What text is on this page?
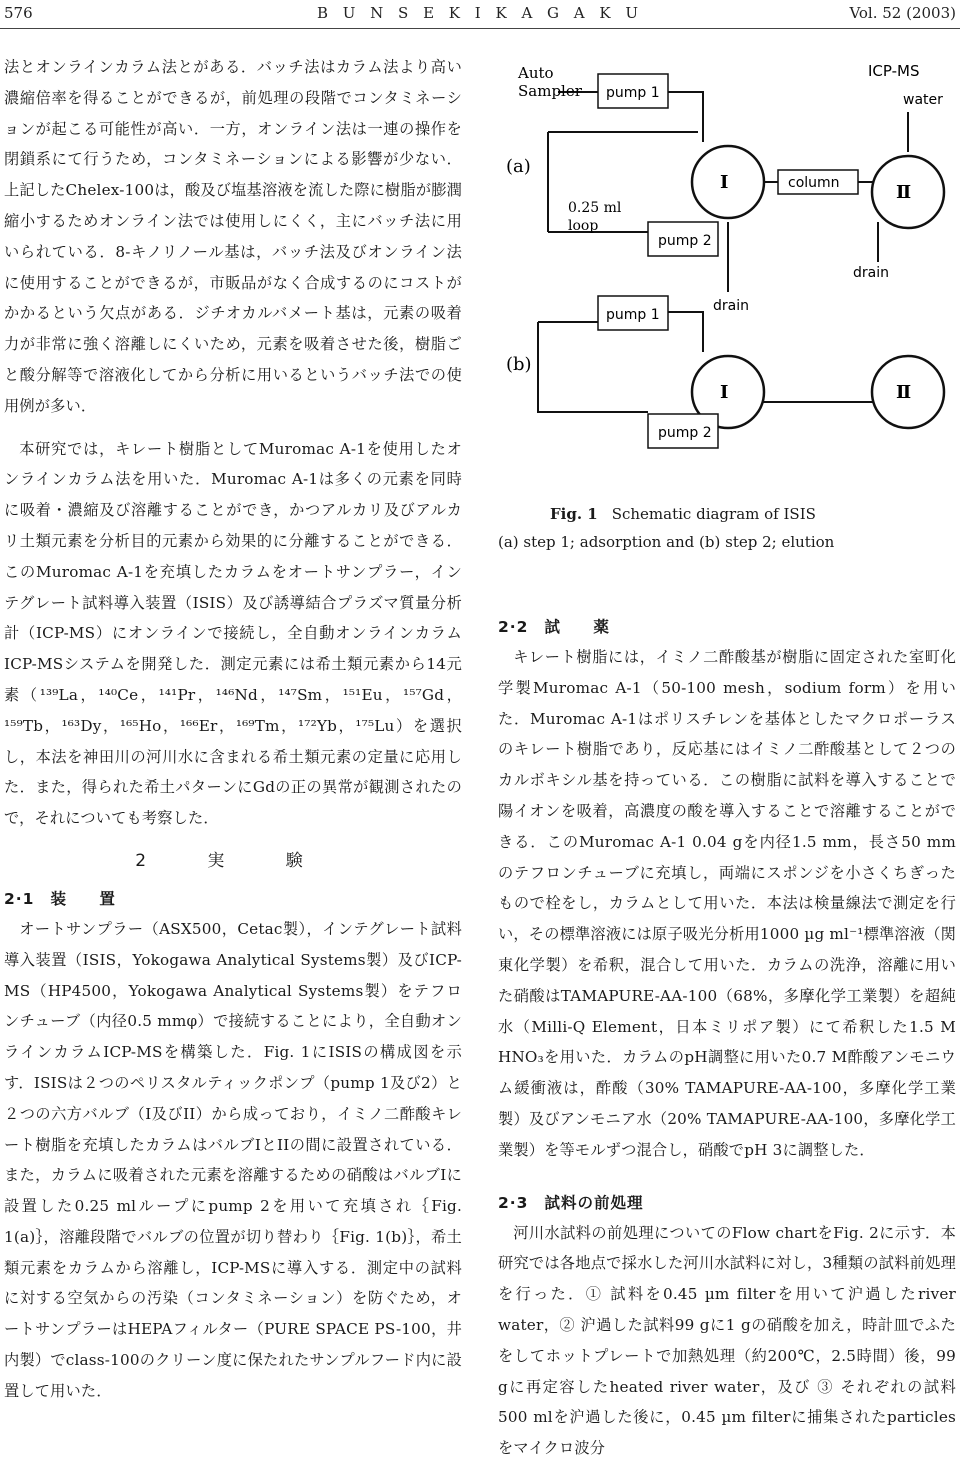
576	B U N S E K I K A G A K U	Vol. 52 (2003)

法とオンラインカラム法とがある．バッチ法はカラム法より高い濃縮倍率を得ることができるが，前処理の段階でコンタミネーションが起こる可能性が高い．一方，オンライン法は一連の操作を閉鎖系にて行うため，コンタミネーションによる影響が少ない．上記したChelex-100は，酸及び塩基溶液を流した際に樹脂が膨潤縮小するためオンライン法では使用しにくく，主にバッチ法に用いられている．8-キノリノール基は，バッチ法及びオンライン法に使用することができるが，市販品がなく合成するのにコストがかかるという欠点がある．ジチオカルバメート基は，元素の吸着力が非常に強く溶離しにくいため，元素を吸着させた後，樹脂ごと酸分解等で溶液化してから分析に用いるというバッチ法での使用例が多い．

本研究では，キレート樹脂としてMuromac A-1を使用したオンラインカラム法を用いた．Muromac A-1は多くの元素を同時に吸着・濃縮及び溶離することができ，かつアルカリ及びアルカリ土類元素を分析目的元素から効果的に分離することができる．このMuromac A-1を充填したカラムをオートサンプラー，インテグレート試料導入装置（ISIS）及び誘導結合プラズマ質量分析計（ICP-MS）にオンラインで接続し，全自動オンラインカラムICP-MSシステムを開発した．測定元素には希土類元素から14元素（¹³⁹La，¹⁴⁰Ce，¹⁴¹Pr，¹⁴⁶Nd，¹⁴⁷Sm，¹⁵¹Eu，¹⁵⁷Gd，¹⁵⁹Tb，¹⁶³Dy，¹⁶⁵Ho，¹⁶⁶Er，¹⁶⁹Tm，¹⁷²Yb，¹⁷⁵Lu）を選択し，本法を神田川の河川水に含まれる希土類元素の定量に応用した．また，得られた希土パターンにGdの正の異常が観測されたので，それについても考察した．

2 実 験
2·1 装 置

オートサンプラー（ASX500，Cetac製），インテグレート試料導入装置（ISIS，Yokogawa Analytical Systems製）及びICP-MS（HP4500，Yokogawa Analytical Systems製）をテフロンチューブ（内径0.5 mmφ）で接続することにより，全自動オンラインカラムICP-MSを構築した．Fig. 1にISISの構成図を示す．ISISは２つのペリスタルティックポンプ（pump 1及び2）と２つの六方バルブ（I及びII）から成っており，イミノ二酢酸キレート樹脂を充填したカラムはバルブIとIIの間に設置されている．また，カラムに吸着された元素を溶離するための硝酸はバルブIに設置した0.25 mlループにpump 2を用いて充填され｛Fig. 1(a)｝，溶離段階でバルブの位置が切り替わり｛Fig. 1(b)｝，希土類元素をカラムから溶離し，ICP-MSに導入する．測定中の試料に対する空気からの汚染（コンタミネーション）を防ぐため，オートサンプラーはHEPAフィルター（PURE SPACE PS-100，井内製）でclass-100のクリーン度に保たれたサンプルフード内に設置して用いた．

Auto
Sampler pump 1
pump 2
pump 1
pump 2
column
ICP-MS
water
0.25 ml
loop
drain
drain
I	Ⅱ
I	Ⅱ
(a)
(b)
Fig. 1 Schematic diagram of ISIS
(a) step 1; adsorption and (b) step 2; elution
2·2 試 薬

キレート樹脂には，イミノ二酢酸基が樹脂に固定された室町化学製Muromac A-1（50-100 mesh，sodium form）を用いた．Muromac A-1はポリスチレンを基体としたマクロポーラスのキレート樹脂であり，反応基にはイミノ二酢酸基として２つのカルボキシル基を持っている．この樹脂に試料を導入することで陽イオンを吸着，高濃度の酸を導入することで溶離することができる．このMuromac A-1 0.04 gを内径1.5 mm，長さ50 mmのテフロンチューブに充填し，両端にスポンジを小さくちぎったもので栓をし，カラムとして用いた．本法は検量線法で測定を行い，その標準溶液には原子吸光分析用1000 µg ml⁻¹標準溶液（関東化学製）を希釈，混合して用いた．カラムの洗浄，溶離に用いた硝酸はTAMAPURE-AA-100（68%，多摩化学工業製）を超純水（Milli-Q Element，日本ミリポア製）にて希釈した1.5 M HNO₃を用いた．カラムのpH調整に用いた0.7 M酢酸アンモニウム緩衝液は，酢酸（30% TAMAPURE-AA-100，多摩化学工業製）及びアンモニア水（20% TAMAPURE-AA-100，多摩化学工業製）を等モルずつ混合し，硝酸でpH 3に調整した．

2·3 試料の前処理

河川水試料の前処理についてのFlow chartをFig. 2に示す．本研究では各地点で採水した河川水試料に対し，3種類の試料前処理を行った．① 試料を0.45 µm filterを用いて沪過したriver water，② 沪過した試料99 gに1 gの硝酸を加え，時計皿でふたをしてホットプレートで加熱処理（約200℃，2.5時間）後，99 gに再定容したheated river water，及び ③ それぞれの試料500 mlを沪過した後に，0.45 µm filterに捕集されたparticlesをマイクロ波分
